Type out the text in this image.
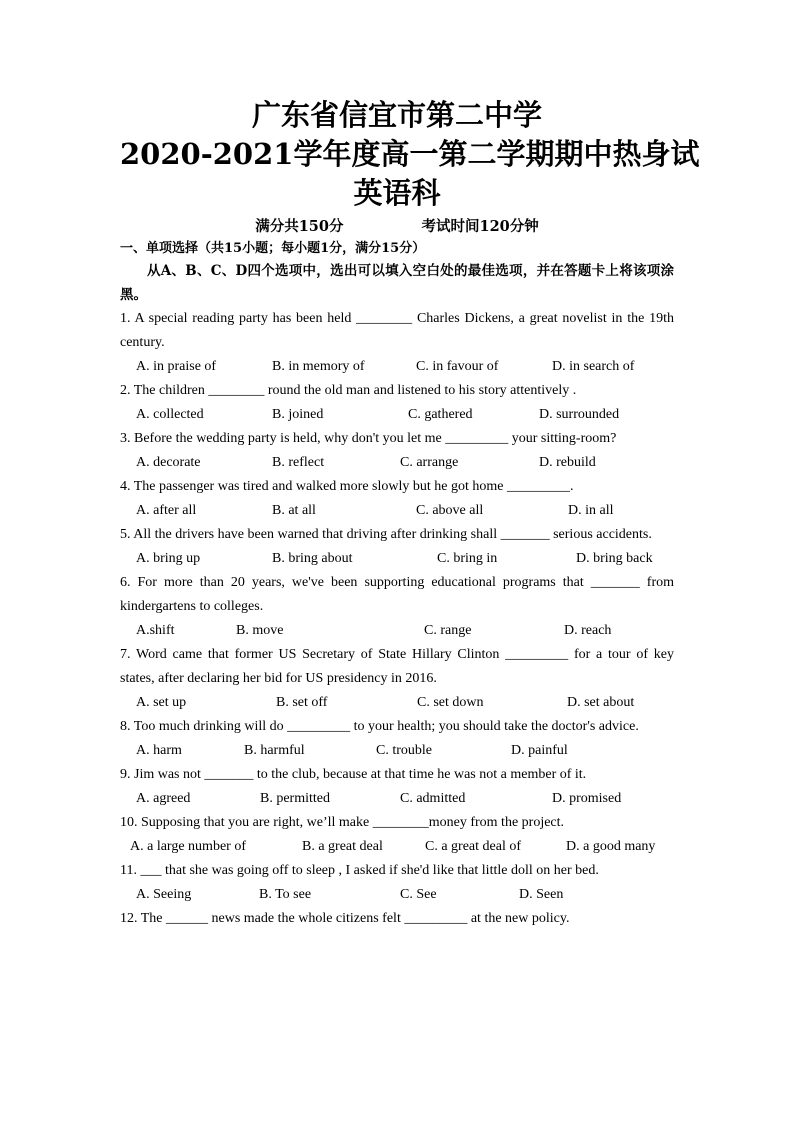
广东省信宜市第二中学
2020-2021学年度高一第二学期期中热身试
英语科
满分共150分	考试时间120分钟
一、单项选择（共15小题；每小题1分，满分15分）
从A、B、C、D四个选项中，选出可以填入空白处的最佳选项，并在答题卡上将该项涂黑。
1. A special reading party has been held ________ Charles Dickens, a great novelist in the 19th century.
A. in praise of	B. in memory of	C. in favour of	D. in search of
2. The children ________ round the old man and listened to his story attentively .
A. collected	B. joined	C. gathered	D. surrounded
3. Before the wedding party is held, why don't you let me _________ your sitting-room?
A. decorate	B. reflect	C. arrange	D. rebuild
4. The passenger was tired and walked more slowly but he got home _________.
A. after all	B. at all	C. above all	D. in all
5. All the drivers have been warned that driving after drinking shall _______ serious accidents.
A. bring up	B. bring about	C. bring in	D. bring back
6. For more than 20 years, we've been supporting educational programs that _______ from kindergartens to colleges.
A.shift	B. move	C. range	D. reach
7. Word came that former US Secretary of State Hillary Clinton _________ for a tour of key states, after declaring her bid for US presidency in 2016.
A. set up	B. set off	C. set down	D. set about
8. Too much drinking will do _________ to your health; you should take the doctor's advice.
A. harm	B. harmful	C. trouble	D. painful
9. Jim was not _______ to the club, because at that time he was not a member of it.
A. agreed	B. permitted	C. admitted	D. promised
10. Supposing that you are right, we’ll make ________money from the project.
A. a large number of	B. a great deal	C. a great deal of	D. a good many
11. ___ that she was going off to sleep , I asked if she'd like that little doll on her bed.
A. Seeing	B. To see	C. See	D. Seen
12. The ______ news made the whole citizens felt _________ at the new policy.
